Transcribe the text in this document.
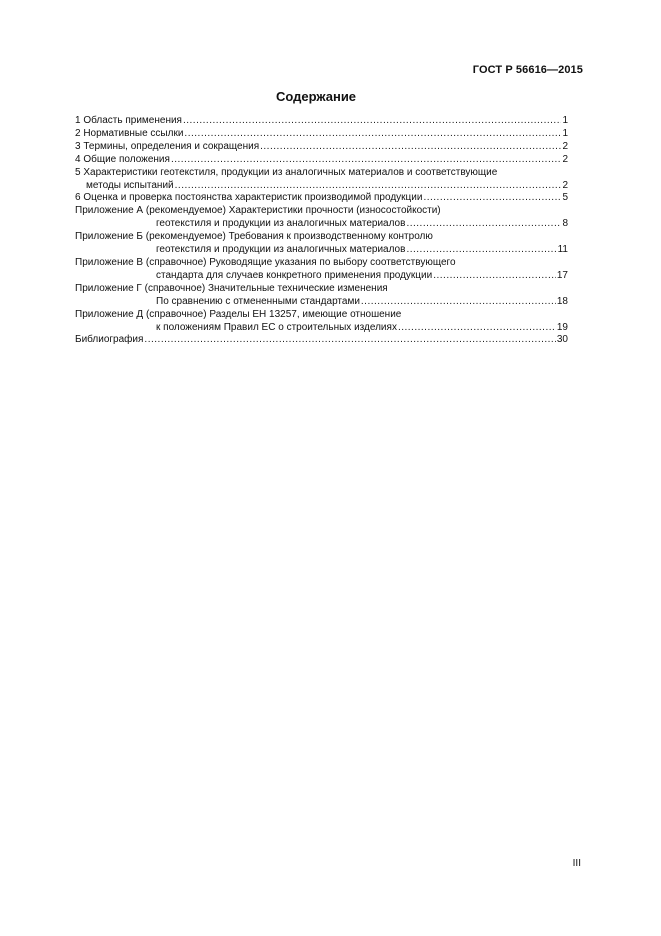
ГОСТ Р 56616—2015
Содержание
1 Область применения .....	1
2 Нормативные ссылки .....	1
3 Термины, определения и сокращения .....	2
4 Общие положения .....	2
5 Характеристики геотекстиля, продукции из аналогичных материалов и соответствующие
методы испытаний .....	2
6 Оценка и проверка постоянства характеристик производимой продукции .....	5
Приложение А (рекомендуемое) Характеристики прочности (износостойкости)
геотекстиля и продукции из аналогичных материалов .....	8
Приложение Б (рекомендуемое) Требования к производственному контролю
геотекстиля и продукции из аналогичных материалов .....	11
Приложение В (справочное) Руководящие указания по выбору соответствующего
стандарта для случаев конкретного применения продукции .....	17
Приложение Г (справочное) Значительные технические изменения
По сравнению с отмененными стандартами .....	18
Приложение Д (справочное) Разделы ЕН 13257, имеющие отношение
к положениям Правил ЕС о строительных изделиях .....	19
Библиография .....	30
III
